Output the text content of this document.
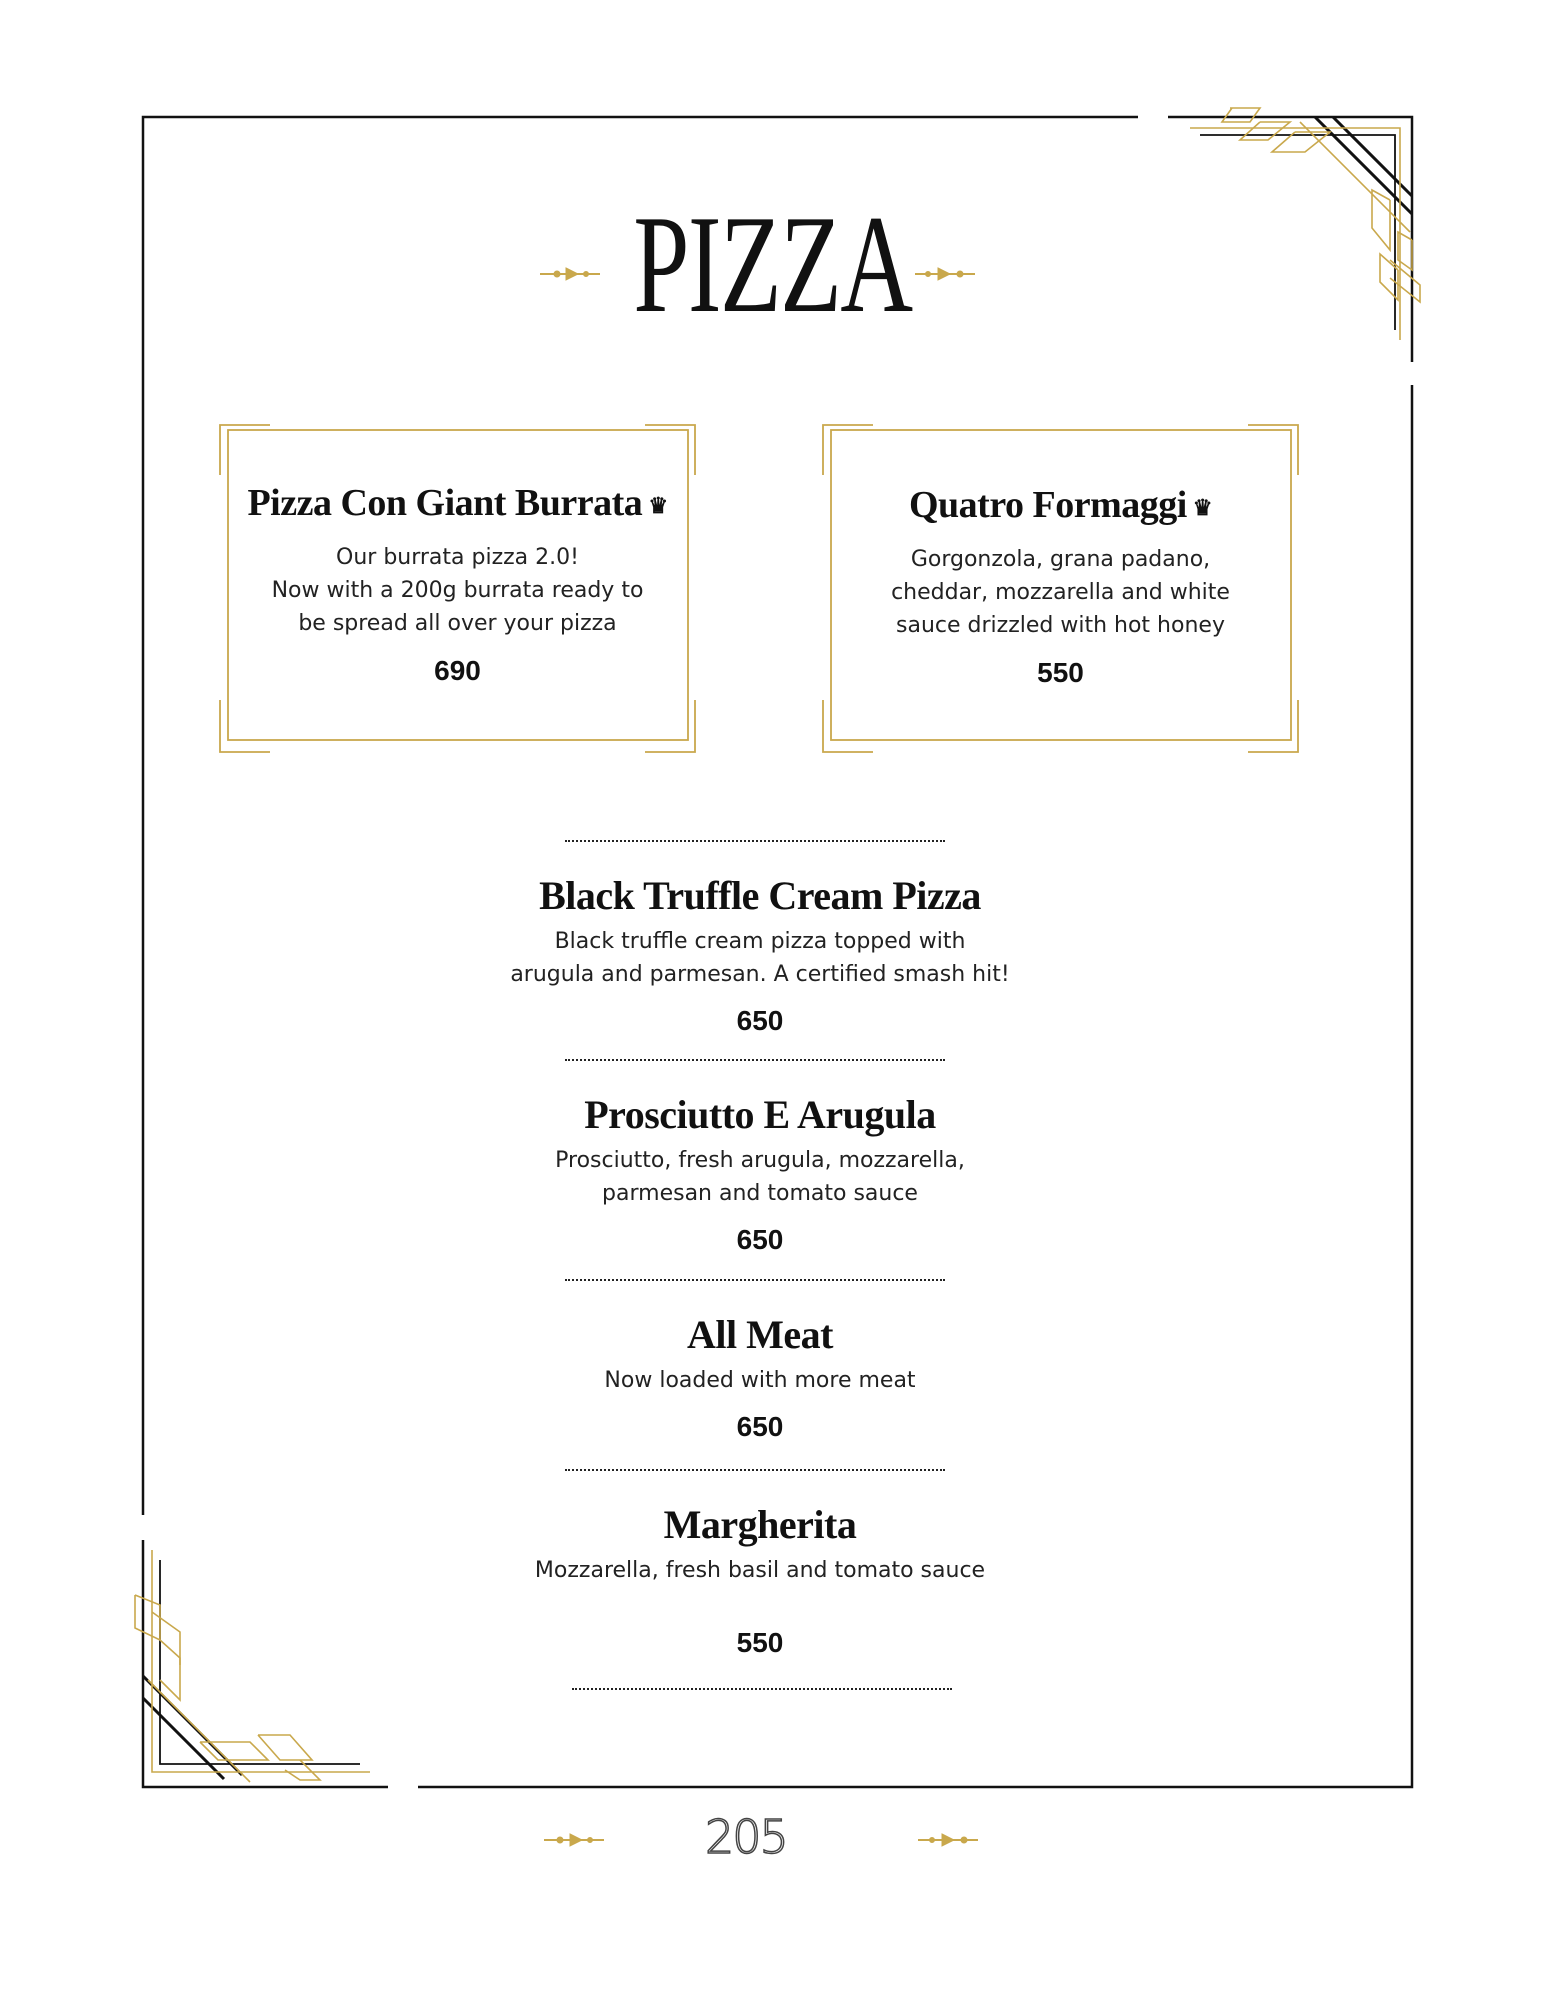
PIZZA
Pizza Con Giant Burrata ♛
Our burrata pizza 2.0!
Now with a 200g burrata ready to
be spread all over your pizza
690
Quatro Formaggi ♛
Gorgonzola, grana padano,
cheddar, mozzarella and white
sauce drizzled with hot honey
550
Black Truffle Cream Pizza
Black truffle cream pizza topped with
arugula and parmesan. A certified smash hit!
650
Prosciutto E Arugula
Prosciutto, fresh arugula, mozzarella,
parmesan and tomato sauce
650
All Meat
Now loaded with more meat
650
Margherita
Mozzarella, fresh basil and tomato sauce
550
205
